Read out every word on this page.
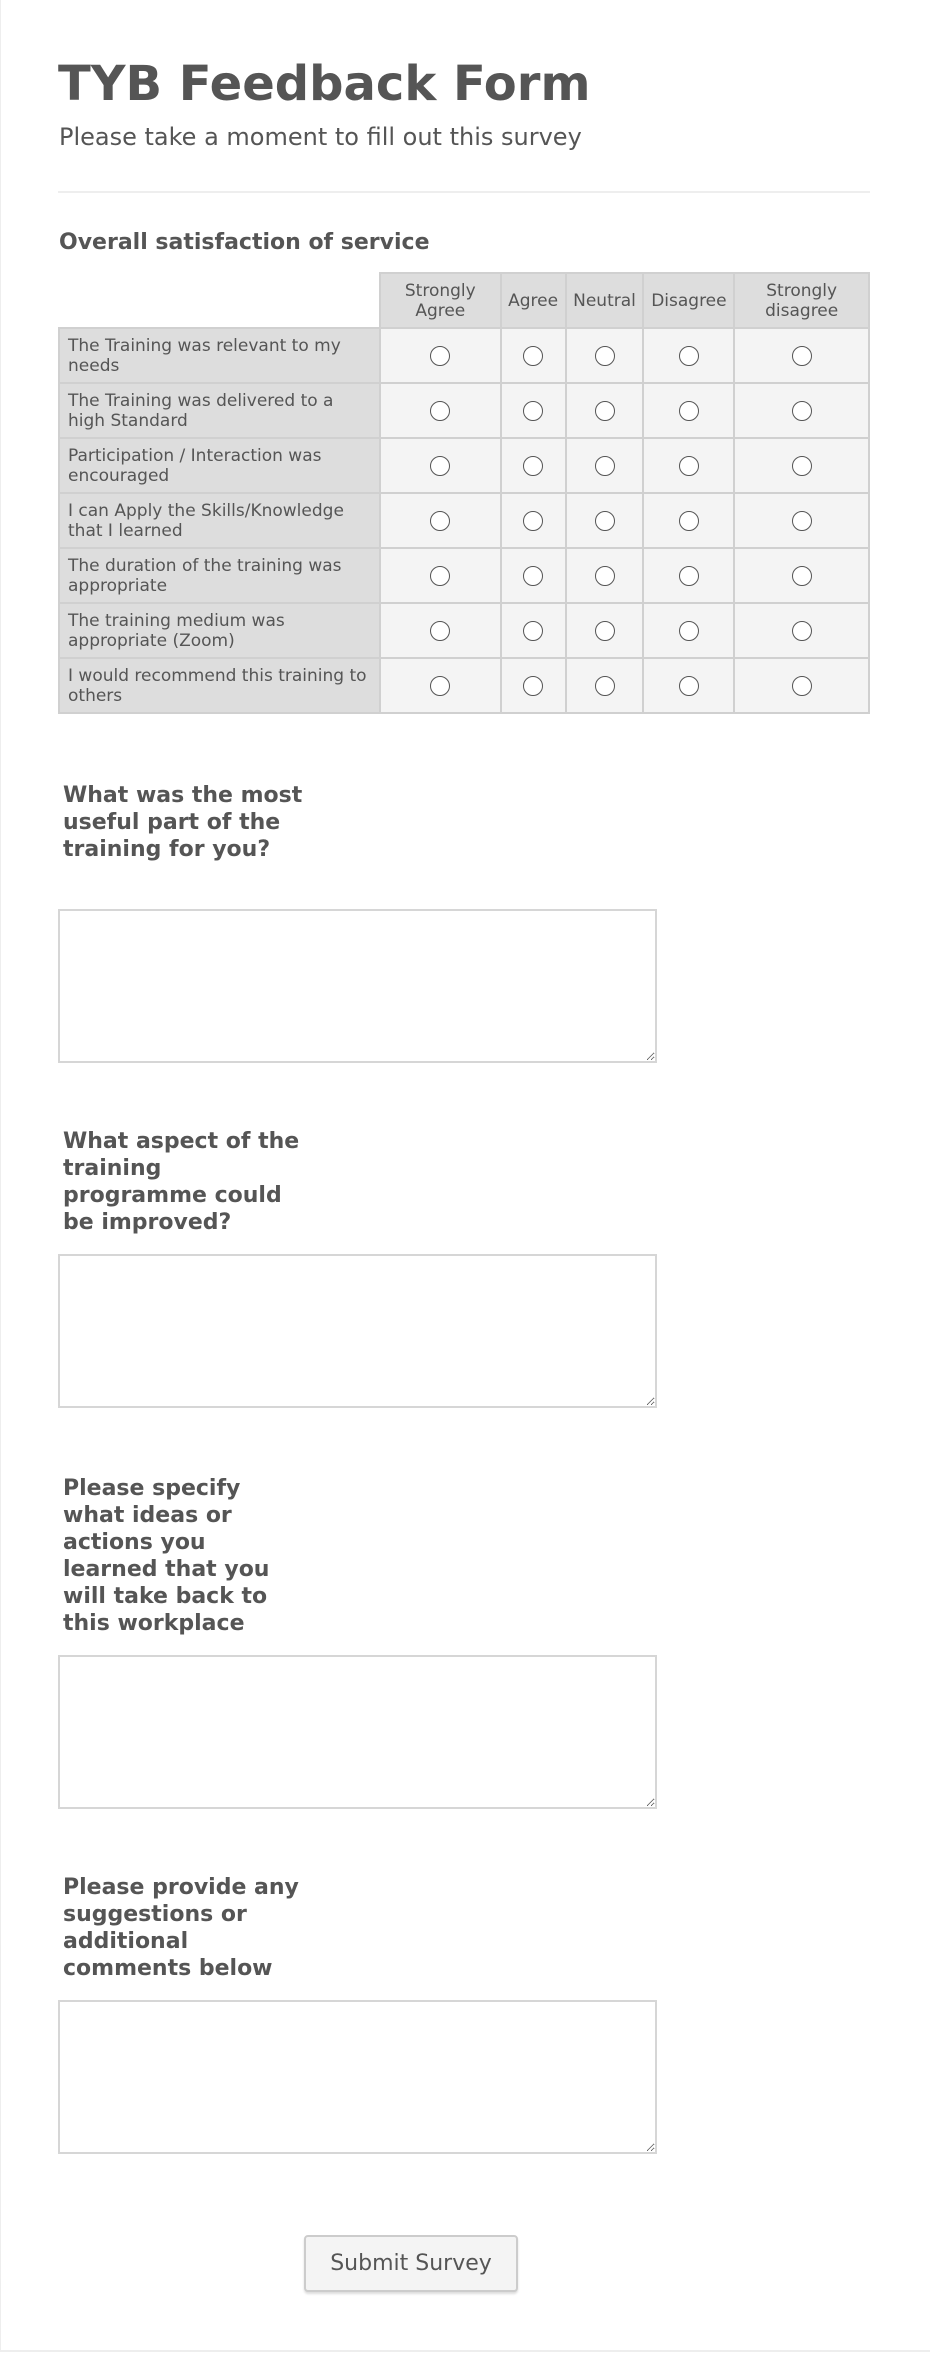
TYB Feedback Form
Please take a moment to fill out this survey
Overall satisfaction of service
	Strongly Agree	Agree	Neutral	Disagree	Strongly disagree
The Training was relevant to my needs					
The Training was delivered to a high Standard					
Participation / Interaction was encouraged					
I can Apply the Skills/Knowledge that I learned					
The duration of the training was appropriate					
The training medium was appropriate (Zoom)					
I would recommend this training to others					
What was the most useful part of the training for you?
What aspect of the training programme could be improved?
Please specify what ideas or actions you learned that you will take back to this workplace
Please provide any suggestions or additional comments below
Submit Survey
